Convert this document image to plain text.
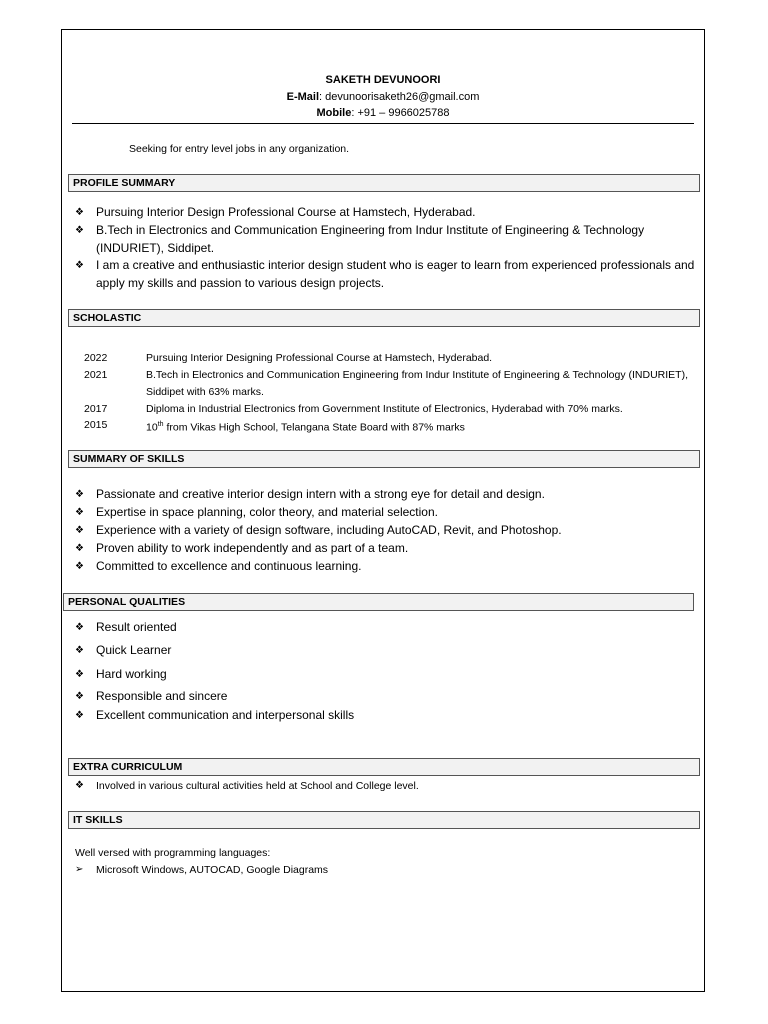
SAKETH DEVUNOORI
E-Mail: devunoorisaketh26@gmail.com
Mobile: +91 – 9966025788
Seeking for entry level jobs in any organization.
PROFILE SUMMARY
❖ Pursuing Interior Design Professional Course at Hamstech, Hyderabad.
❖ B.Tech in Electronics and Communication Engineering from Indur Institute of Engineering & Technology (INDURIET), Siddipet.
❖ I am a creative and enthusiastic interior design student who is eager to learn from experienced professionals and apply my skills and passion to various design projects.
SCHOLASTIC
2022	Pursuing Interior Designing Professional Course at Hamstech, Hyderabad.
2021	B.Tech in Electronics and Communication Engineering from Indur Institute of Engineering & Technology (INDURIET), Siddipet with 63% marks.
2017	Diploma in Industrial Electronics from Government Institute of Electronics, Hyderabad with 70% marks.
2015	10th from Vikas High School, Telangana State Board with 87% marks
SUMMARY OF SKILLS
❖ Passionate and creative interior design intern with a strong eye for detail and design.
❖ Expertise in space planning, color theory, and material selection.
❖ Experience with a variety of design software, including AutoCAD, Revit, and Photoshop.
❖ Proven ability to work independently and as part of a team.
❖ Committed to excellence and continuous learning.
PERSONAL QUALITIES
❖ Result oriented
❖ Quick Learner
❖ Hard working
❖ Responsible and sincere
❖ Excellent communication and interpersonal skills
EXTRA CURRICULUM
❖ Involved in various cultural activities held at School and College level.
IT SKILLS
Well versed with programming languages:
➢ Microsoft Windows, AUTOCAD, Google Diagrams
